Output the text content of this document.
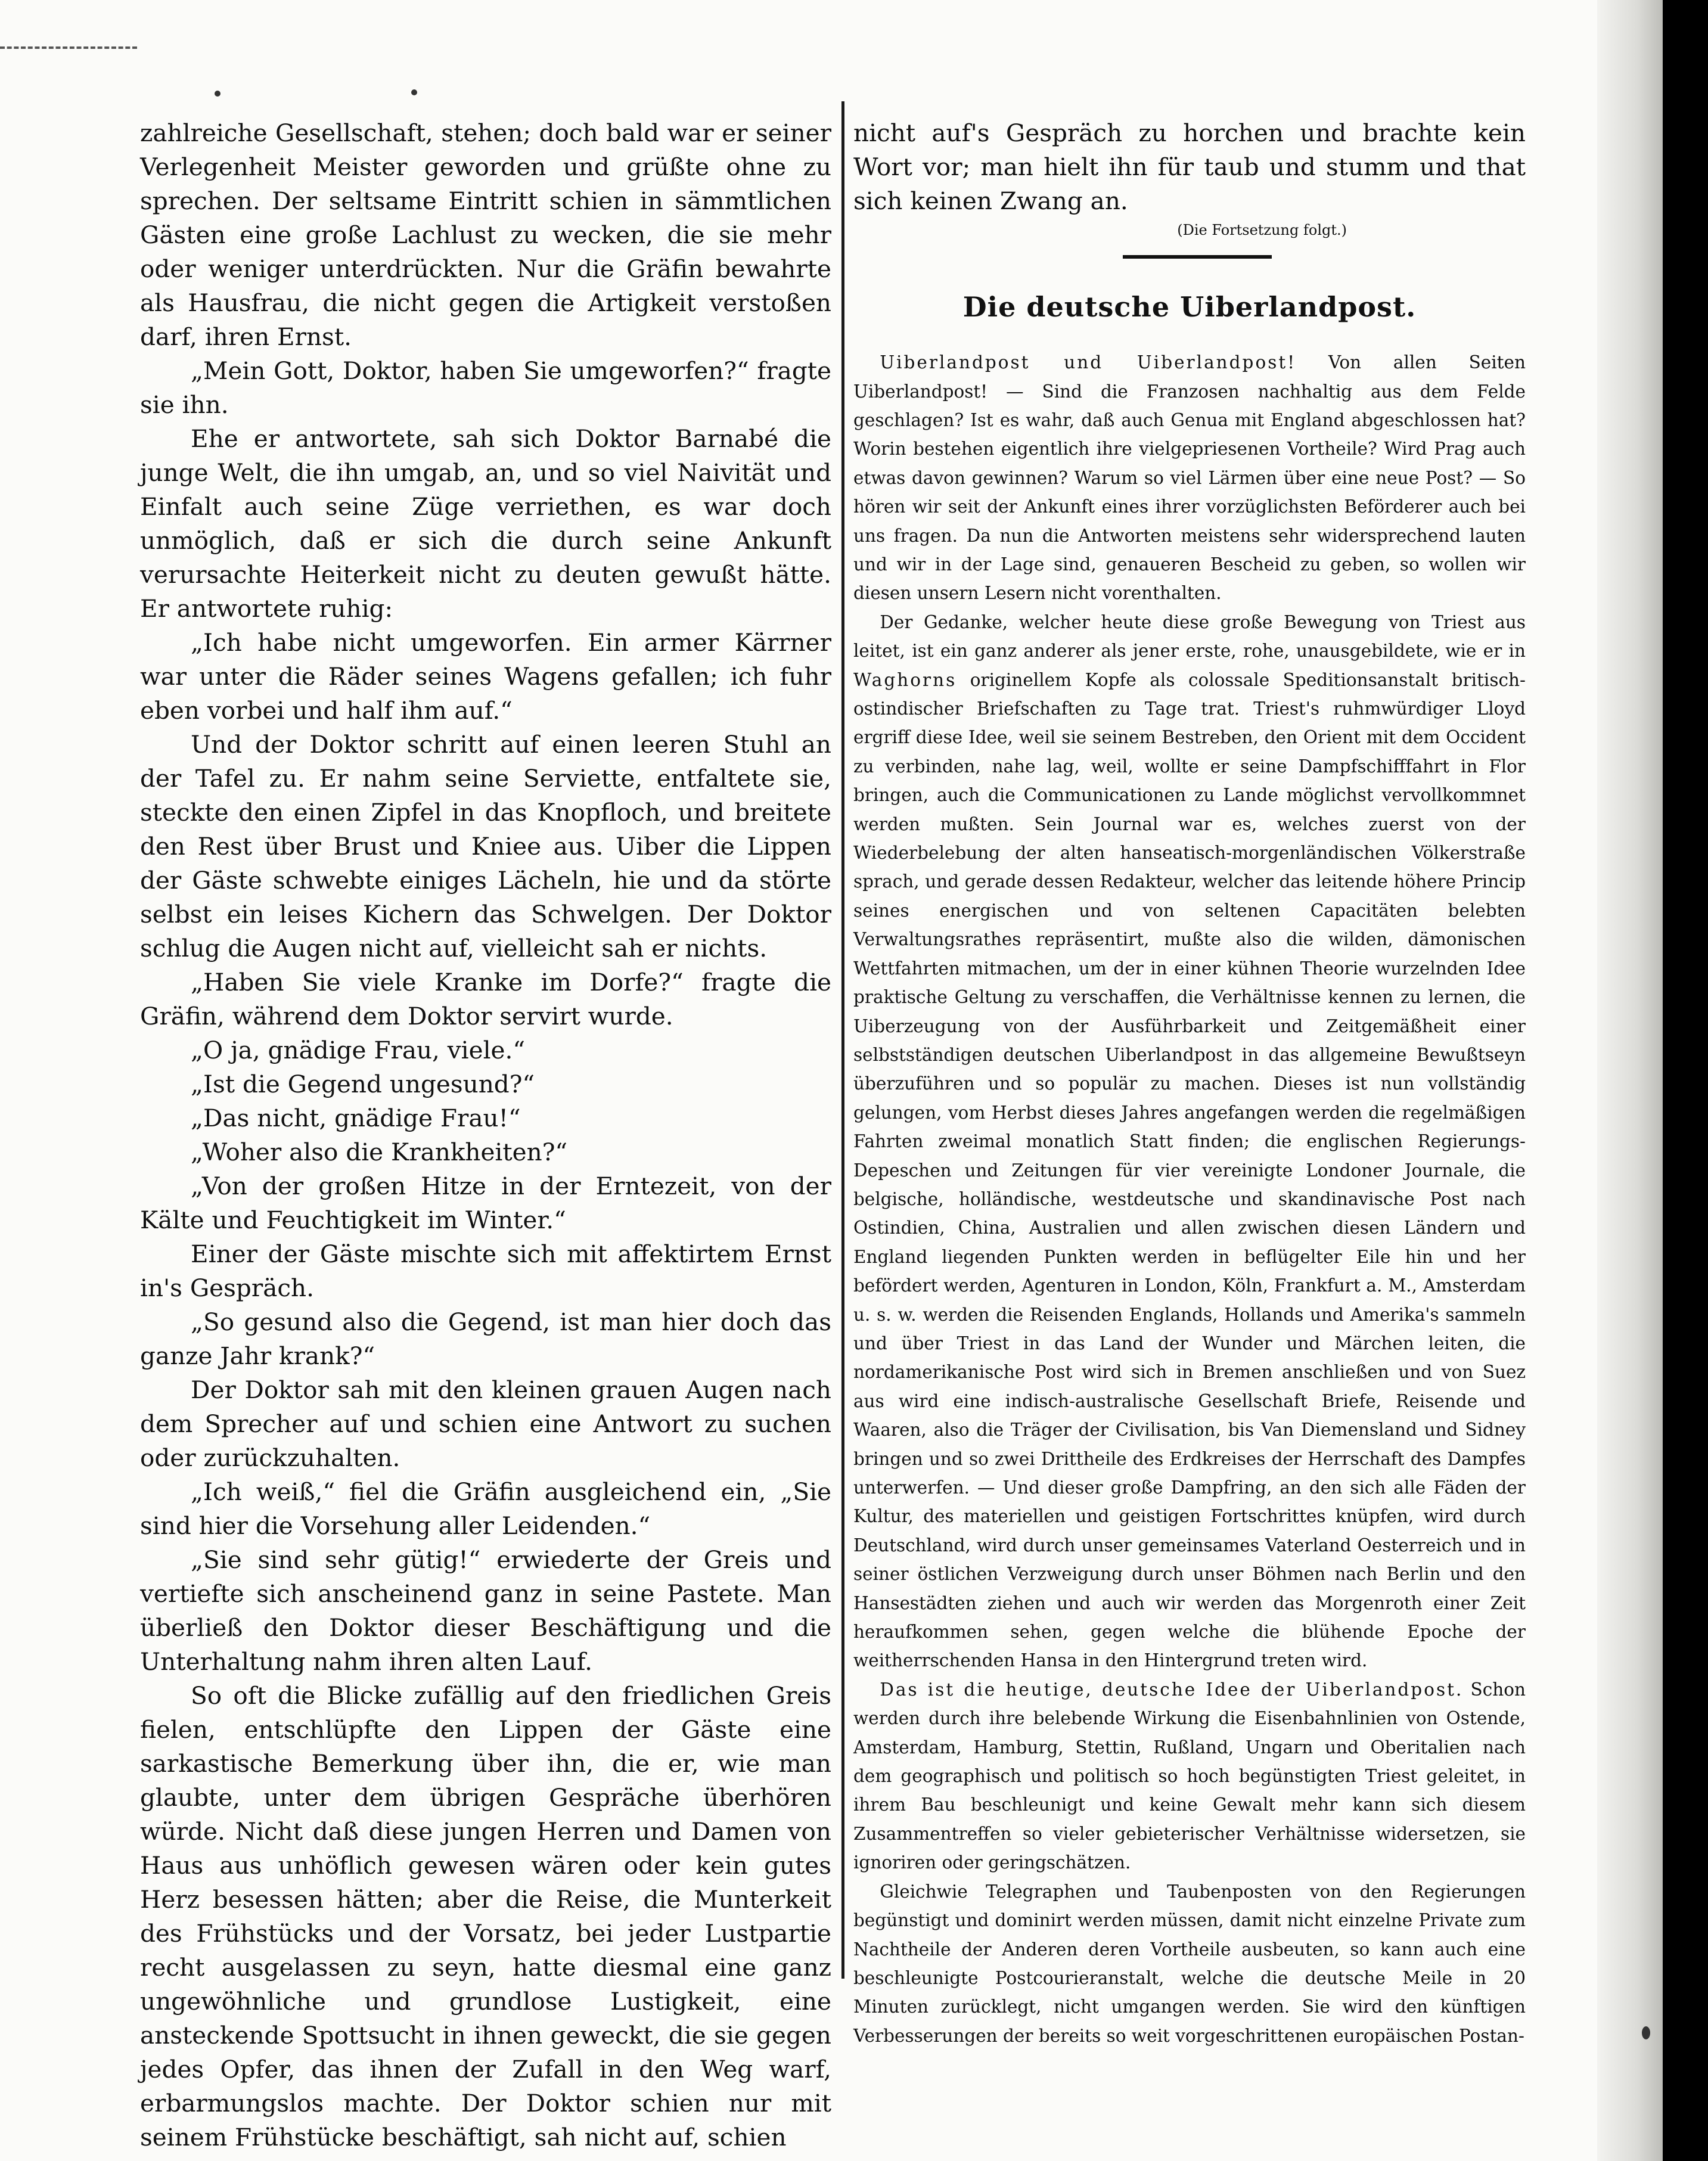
zahlreiche Gesellschaft, stehen; doch bald war er seiner Verlegenheit Meister geworden und grüßte ohne zu sprechen. Der seltsame Eintritt schien in sämmtlichen Gästen eine große Lachlust zu wecken, die sie mehr oder weniger unterdrückten. Nur die Gräfin bewahrte als Hausfrau, die nicht gegen die Artigkeit verstoßen darf, ihren Ernst.

„Mein Gott, Doktor, haben Sie umgeworfen?“ fragte sie ihn.

Ehe er antwortete, sah sich Doktor Barnabé die junge Welt, die ihn umgab, an, und so viel Naivität und Einfalt auch seine Züge verriethen, es war doch unmöglich, daß er sich die durch seine Ankunft verursachte Heiterkeit nicht zu deuten gewußt hätte. Er antwortete ruhig:

„Ich habe nicht umgeworfen. Ein armer Kärrner war unter die Räder seines Wagens gefallen; ich fuhr eben vorbei und half ihm auf.“

Und der Doktor schritt auf einen leeren Stuhl an der Tafel zu. Er nahm seine Serviette, entfaltete sie, steckte den einen Zipfel in das Knopfloch, und breitete den Rest über Brust und Kniee aus. Uiber die Lippen der Gäste schwebte einiges Lächeln, hie und da störte selbst ein leises Kichern das Schwelgen. Der Doktor schlug die Augen nicht auf, vielleicht sah er nichts.

„Haben Sie viele Kranke im Dorfe?“ fragte die Gräfin, während dem Doktor servirt wurde.

„O ja, gnädige Frau, viele.“

„Ist die Gegend ungesund?“

„Das nicht, gnädige Frau!“

„Woher also die Krankheiten?“

„Von der großen Hitze in der Erntezeit, von der Kälte und Feuchtigkeit im Winter.“

Einer der Gäste mischte sich mit affektirtem Ernst in's Gespräch.

„So gesund also die Gegend, ist man hier doch das ganze Jahr krank?“

Der Doktor sah mit den kleinen grauen Augen nach dem Sprecher auf und schien eine Antwort zu suchen oder zurückzuhalten.

„Ich weiß,“ fiel die Gräfin ausgleichend ein, „Sie sind hier die Vorsehung aller Leidenden.“

„Sie sind sehr gütig!“ erwiederte der Greis und vertiefte sich anscheinend ganz in seine Pastete. Man überließ den Doktor dieser Beschäftigung und die Unterhaltung nahm ihren alten Lauf.

So oft die Blicke zufällig auf den friedlichen Greis fielen, entschlüpfte den Lippen der Gäste eine sarkastische Bemerkung über ihn, die er, wie man glaubte, unter dem übrigen Gespräche überhören würde. Nicht daß diese jungen Herren und Damen von Haus aus unhöflich gewesen wären oder kein gutes Herz besessen hätten; aber die Reise, die Munterkeit des Frühstücks und der Vorsatz, bei jeder Lustpartie recht ausgelassen zu seyn, hatte diesmal eine ganz ungewöhnliche und grundlose Lustigkeit, eine ansteckende Spottsucht in ihnen geweckt, die sie gegen jedes Opfer, das ihnen der Zufall in den Weg warf, erbarmungslos machte. Der Doktor schien nur mit seinem Frühstücke beschäftigt, sah nicht auf, schien

nicht auf's Gespräch zu horchen und brachte kein Wort vor; man hielt ihn für taub und stumm und that sich keinen Zwang an.

(Die Fortsetzung folgt.)

Die deutsche Uiberlandpost.

Uiberlandpost und Uiberlandpost! Von allen Seiten Uiberlandpost! — Sind die Franzosen nachhaltig aus dem Felde geschlagen? Ist es wahr, daß auch Genua mit England abgeschlossen hat? Worin bestehen eigentlich ihre vielgepriesenen Vortheile? Wird Prag auch etwas davon gewinnen? Warum so viel Lärmen über eine neue Post? — So hören wir seit der Ankunft eines ihrer vorzüglichsten Beförderer auch bei uns fragen. Da nun die Antworten meistens sehr widersprechend lauten und wir in der Lage sind, genaueren Bescheid zu geben, so wollen wir diesen unsern Lesern nicht vorenthalten.

Der Gedanke, welcher heute diese große Bewegung von Triest aus leitet, ist ein ganz anderer als jener erste, rohe, unausgebildete, wie er in Waghorns originellem Kopfe als colossale Speditionsanstalt britisch-ostindischer Briefschaften zu Tage trat. Triest's ruhmwürdiger Lloyd ergriff diese Idee, weil sie seinem Bestreben, den Orient mit dem Occident zu verbinden, nahe lag, weil, wollte er seine Dampfschifffahrt in Flor bringen, auch die Communicationen zu Lande möglichst vervollkommnet werden mußten. Sein Journal war es, welches zuerst von der Wiederbelebung der alten hanseatisch-morgenländischen Völkerstraße sprach, und gerade dessen Redakteur, welcher das leitende höhere Princip seines energischen und von seltenen Capacitäten belebten Verwaltungsrathes repräsentirt, mußte also die wilden, dämonischen Wettfahrten mitmachen, um der in einer kühnen Theorie wurzelnden Idee praktische Geltung zu verschaffen, die Verhältnisse kennen zu lernen, die Uiberzeugung von der Ausführbarkeit und Zeitgemäßheit einer selbstständigen deutschen Uiberlandpost in das allgemeine Bewußtseyn überzuführen und so populär zu machen. Dieses ist nun vollständig gelungen, vom Herbst dieses Jahres angefangen werden die regelmäßigen Fahrten zweimal monatlich Statt finden; die englischen Regierungs-Depeschen und Zeitungen für vier vereinigte Londoner Journale, die belgische, holländische, westdeutsche und skandinavische Post nach Ostindien, China, Australien und allen zwischen diesen Ländern und England liegenden Punkten werden in beflügelter Eile hin und her befördert werden, Agenturen in London, Köln, Frankfurt a. M., Amsterdam u. s. w. werden die Reisenden Englands, Hollands und Amerika's sammeln und über Triest in das Land der Wunder und Märchen leiten, die nordamerikanische Post wird sich in Bremen anschließen und von Suez aus wird eine indisch-australische Gesellschaft Briefe, Reisende und Waaren, also die Träger der Civilisation, bis Van Diemensland und Sidney bringen und so zwei Drittheile des Erdkreises der Herrschaft des Dampfes unterwerfen. — Und dieser große Dampfring, an den sich alle Fäden der Kultur, des materiellen und geistigen Fortschrittes knüpfen, wird durch Deutschland, wird durch unser gemeinsames Vaterland Oesterreich und in seiner östlichen Verzweigung durch unser Böhmen nach Berlin und den Hansestädten ziehen und auch wir werden das Morgenroth einer Zeit heraufkommen sehen, gegen welche die blühende Epoche der weitherrschenden Hansa in den Hintergrund treten wird.

Das ist die heutige, deutsche Idee der Uiberlandpost. Schon werden durch ihre belebende Wirkung die Eisenbahnlinien von Ostende, Amsterdam, Hamburg, Stettin, Rußland, Ungarn und Oberitalien nach dem geographisch und politisch so hoch begünstigten Triest geleitet, in ihrem Bau beschleunigt und keine Gewalt mehr kann sich diesem Zusammentreffen so vieler gebieterischer Verhältnisse widersetzen, sie ignoriren oder geringschätzen.

Gleichwie Telegraphen und Taubenposten von den Regierungen begünstigt und dominirt werden müssen, damit nicht einzelne Private zum Nachtheile der Anderen deren Vortheile ausbeuten, so kann auch eine beschleunigte Postcourieranstalt, welche die deutsche Meile in 20 Minuten zurücklegt, nicht umgangen werden. Sie wird den künftigen Verbesserungen der bereits so weit vorgeschrittenen europäischen Postan-
